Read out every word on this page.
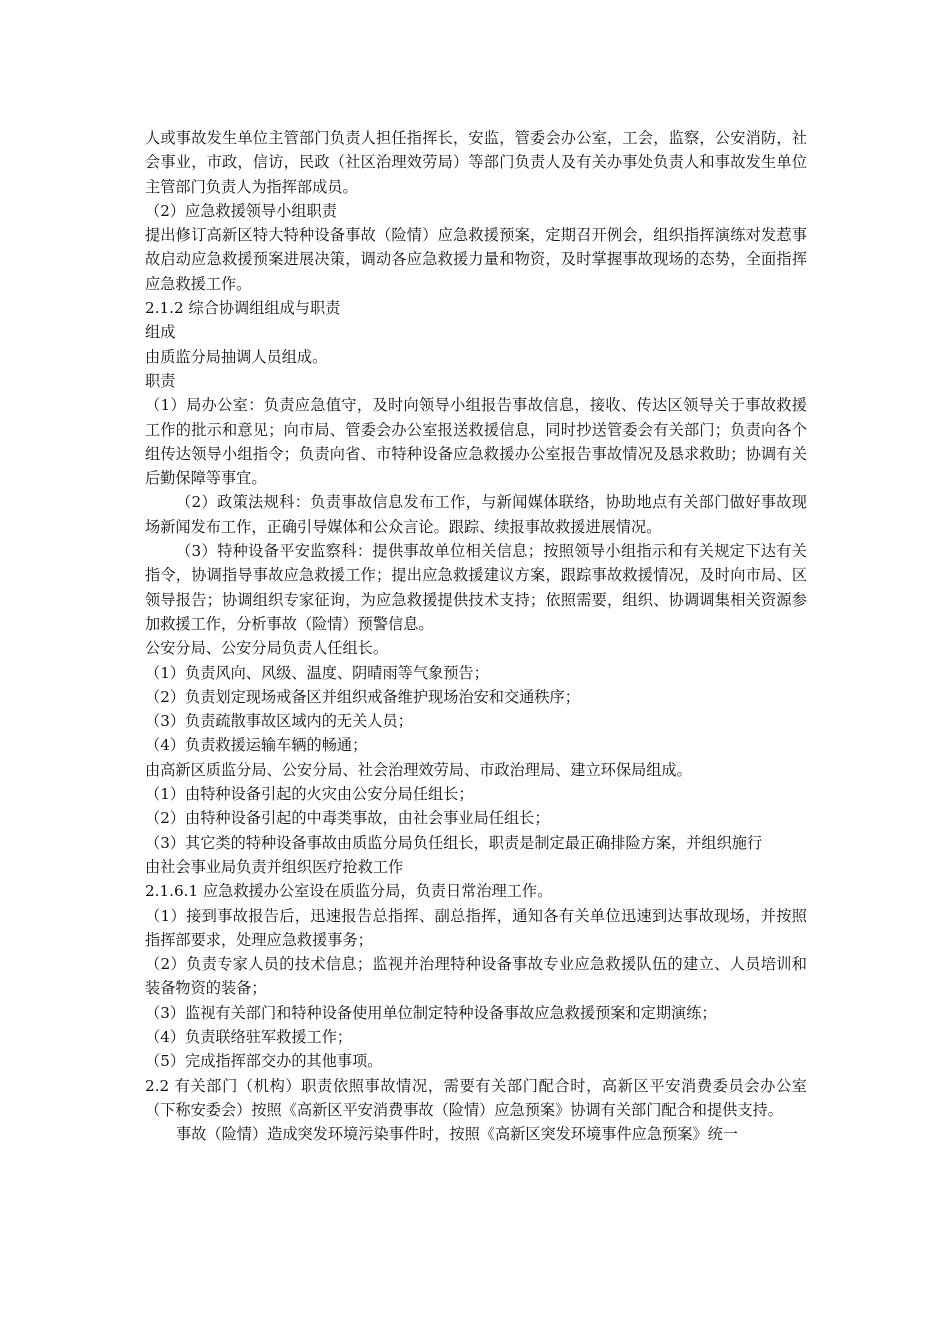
人或事故发生单位主管部门负责人担任指挥长，安监，管委会办公室，工会，监察，公安消防，社会事业，市政，信访，民政（社区治理效劳局）等部门负责人及有关办事处负责人和事故发生单位主管部门负责人为指挥部成员。

（2）应急救援领导小组职责

提出修订高新区特大特种设备事故（险情）应急救援预案，定期召开例会，组织指挥演练对发惹事故启动应急救援预案进展决策，调动各应急救援力量和物资，及时掌握事故现场的态势，全面指挥应急救援工作。

2.1.2 综合协调组组成与职责

组成

由质监分局抽调人员组成。

职责

（1）局办公室：负责应急值守，及时向领导小组报告事故信息，接收、传达区领导关于事故救援工作的批示和意见；向市局、管委会办公室报送救援信息，同时抄送管委会有关部门；负责向各个组传达领导小组指令；负责向省、市特种设备应急救援办公室报告事故情况及恳求救助；协调有关后勤保障等事宜。

（2）政策法规科：负责事故信息发布工作，与新闻媒体联络，协助地点有关部门做好事故现场新闻发布工作，正确引导媒体和公众言论。跟踪、续报事故救援进展情况。

（3）特种设备平安监察科：提供事故单位相关信息；按照领导小组指示和有关规定下达有关指令，协调指导事故应急救援工作；提出应急救援建议方案，跟踪事故救援情况，及时向市局、区领导报告；协调组织专家征询，为应急救援提供技术支持；依照需要，组织、协调调集相关资源参加救援工作，分析事故（险情）预警信息。

公安分局、公安分局负责人任组长。

（1）负责风向、风级、温度、阴晴雨等气象预告；

（2）负责划定现场戒备区并组织戒备维护现场治安和交通秩序；

（3）负责疏散事故区域内的无关人员；

（4）负责救援运输车辆的畅通；

由高新区质监分局、公安分局、社会治理效劳局、市政治理局、建立环保局组成。

（1）由特种设备引起的火灾由公安分局任组长；

（2）由特种设备引起的中毒类事故，由社会事业局任组长；

（3）其它类的特种设备事故由质监分局负任组长，职责是制定最正确排险方案，并组织施行

由社会事业局负责并组织医疗抢救工作

2.1.6.1 应急救援办公室设在质监分局，负责日常治理工作。

（1）接到事故报告后，迅速报告总指挥、副总指挥，通知各有关单位迅速到达事故现场，并按照指挥部要求，处理应急救援事务；

（2）负责专家人员的技术信息；监视并治理特种设备事故专业应急救援队伍的建立、人员培训和装备物资的装备；

（3）监视有关部门和特种设备使用单位制定特种设备事故应急救援预案和定期演练；

（4）负责联络驻军救援工作；

（5）完成指挥部交办的其他事项。

2.2 有关部门（机构）职责依照事故情况，需要有关部门配合时，高新区平安消费委员会办公室（下称安委会）按照《高新区平安消费事故（险情）应急预案》协调有关部门配合和提供支持。

事故（险情）造成突发环境污染事件时，按照《高新区突发环境事件应急预案》统一
